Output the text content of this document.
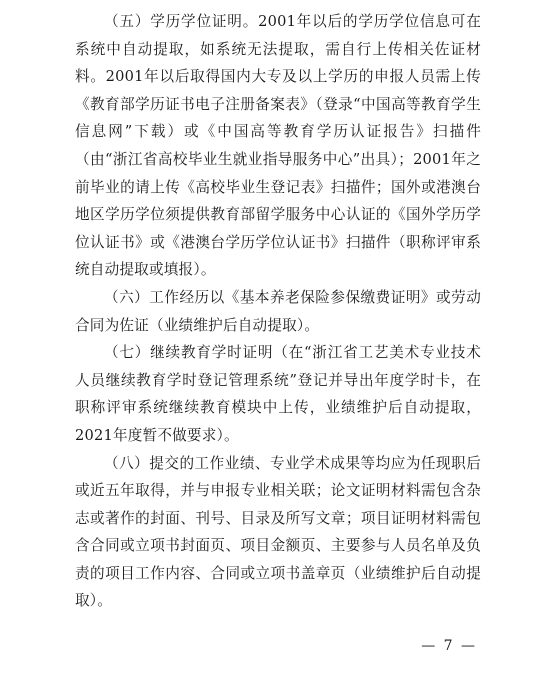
（五）学历学位证明。2001年以后的学历学位信息可在系统中自动提取，如系统无法提取，需自行上传相关佐证材料。2001年以后取得国内大专及以上学历的申报人员需上传《教育部学历证书电子注册备案表》（登录“中国高等教育学生信息网”下载）或《中国高等教育学历认证报告》扫描件（由“浙江省高校毕业生就业指导服务中心”出具）；2001年之前毕业的请上传《高校毕业生登记表》扫描件；国外或港澳台地区学历学位须提供教育部留学服务中心认证的《国外学历学位认证书》或《港澳台学历学位认证书》扫描件（职称评审系统自动提取或填报）。

（六）工作经历以《基本养老保险参保缴费证明》或劳动合同为佐证（业绩维护后自动提取）。

（七）继续教育学时证明（在“浙江省工艺美术专业技术人员继续教育学时登记管理系统”登记并导出年度学时卡，在职称评审系统继续教育模块中上传，业绩维护后自动提取，2021年度暂不做要求）。

（八）提交的工作业绩、专业学术成果等均应为任现职后或近五年取得，并与申报专业相关联；论文证明材料需包含杂志或著作的封面、刊号、目录及所写文章；项目证明材料需包含合同或立项书封面页、项目金额页、主要参与人员名单及负责的项目工作内容、合同或立项书盖章页（业绩维护后自动提取）。

— 7 —
